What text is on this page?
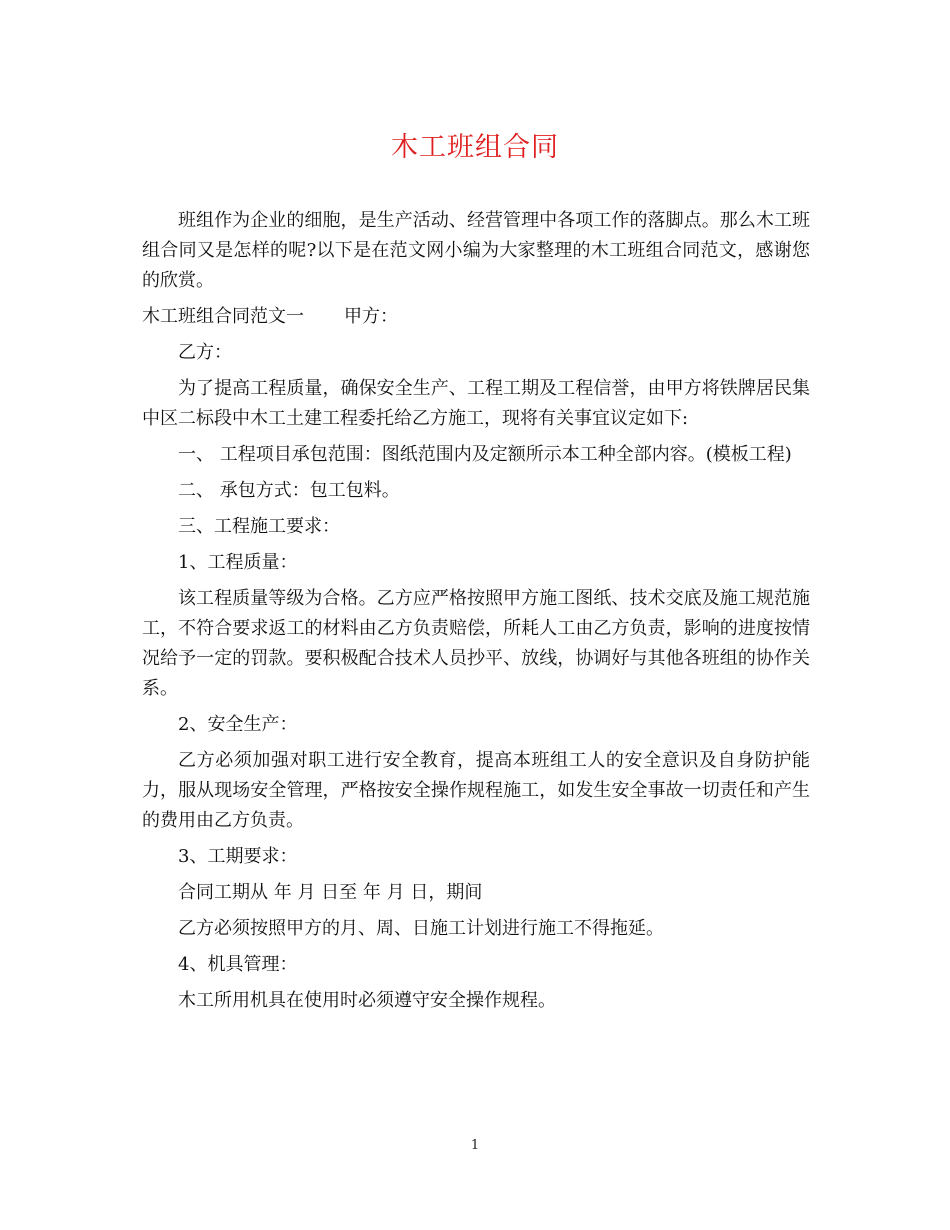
木工班组合同

班组作为企业的细胞，是生产活动、经营管理中各项工作的落脚点。那么木工班组合同又是怎样的呢?以下是在范文网小编为大家整理的木工班组合同范文，感谢您的欣赏。

木工班组合同范文一 甲方：

乙方：

为了提高工程质量，确保安全生产、工程工期及工程信誉，由甲方将铁牌居民集中区二标段中木工土建工程委托给乙方施工，现将有关事宜议定如下:

一、 工程项目承包范围：图纸范围内及定额所示本工种全部内容。(模板工程)

二、 承包方式：包工包料。

三、工程施工要求：

1、工程质量：

该工程质量等级为合格。乙方应严格按照甲方施工图纸、技术交底及施工规范施工，不符合要求返工的材料由乙方负责赔偿，所耗人工由乙方负责，影响的进度按情况给予一定的罚款。要积极配合技术人员抄平、放线，协调好与其他各班组的协作关系。

2、安全生产：

乙方必须加强对职工进行安全教育，提高本班组工人的安全意识及自身防护能力，服从现场安全管理，严格按安全操作规程施工，如发生安全事故一切责任和产生的费用由乙方负责。

3、工期要求：

合同工期从 年 月 日至 年 月 日，期间

乙方必须按照甲方的月、周、日施工计划进行施工不得拖延。

4、机具管理：

木工所用机具在使用时必须遵守安全操作规程。

1
